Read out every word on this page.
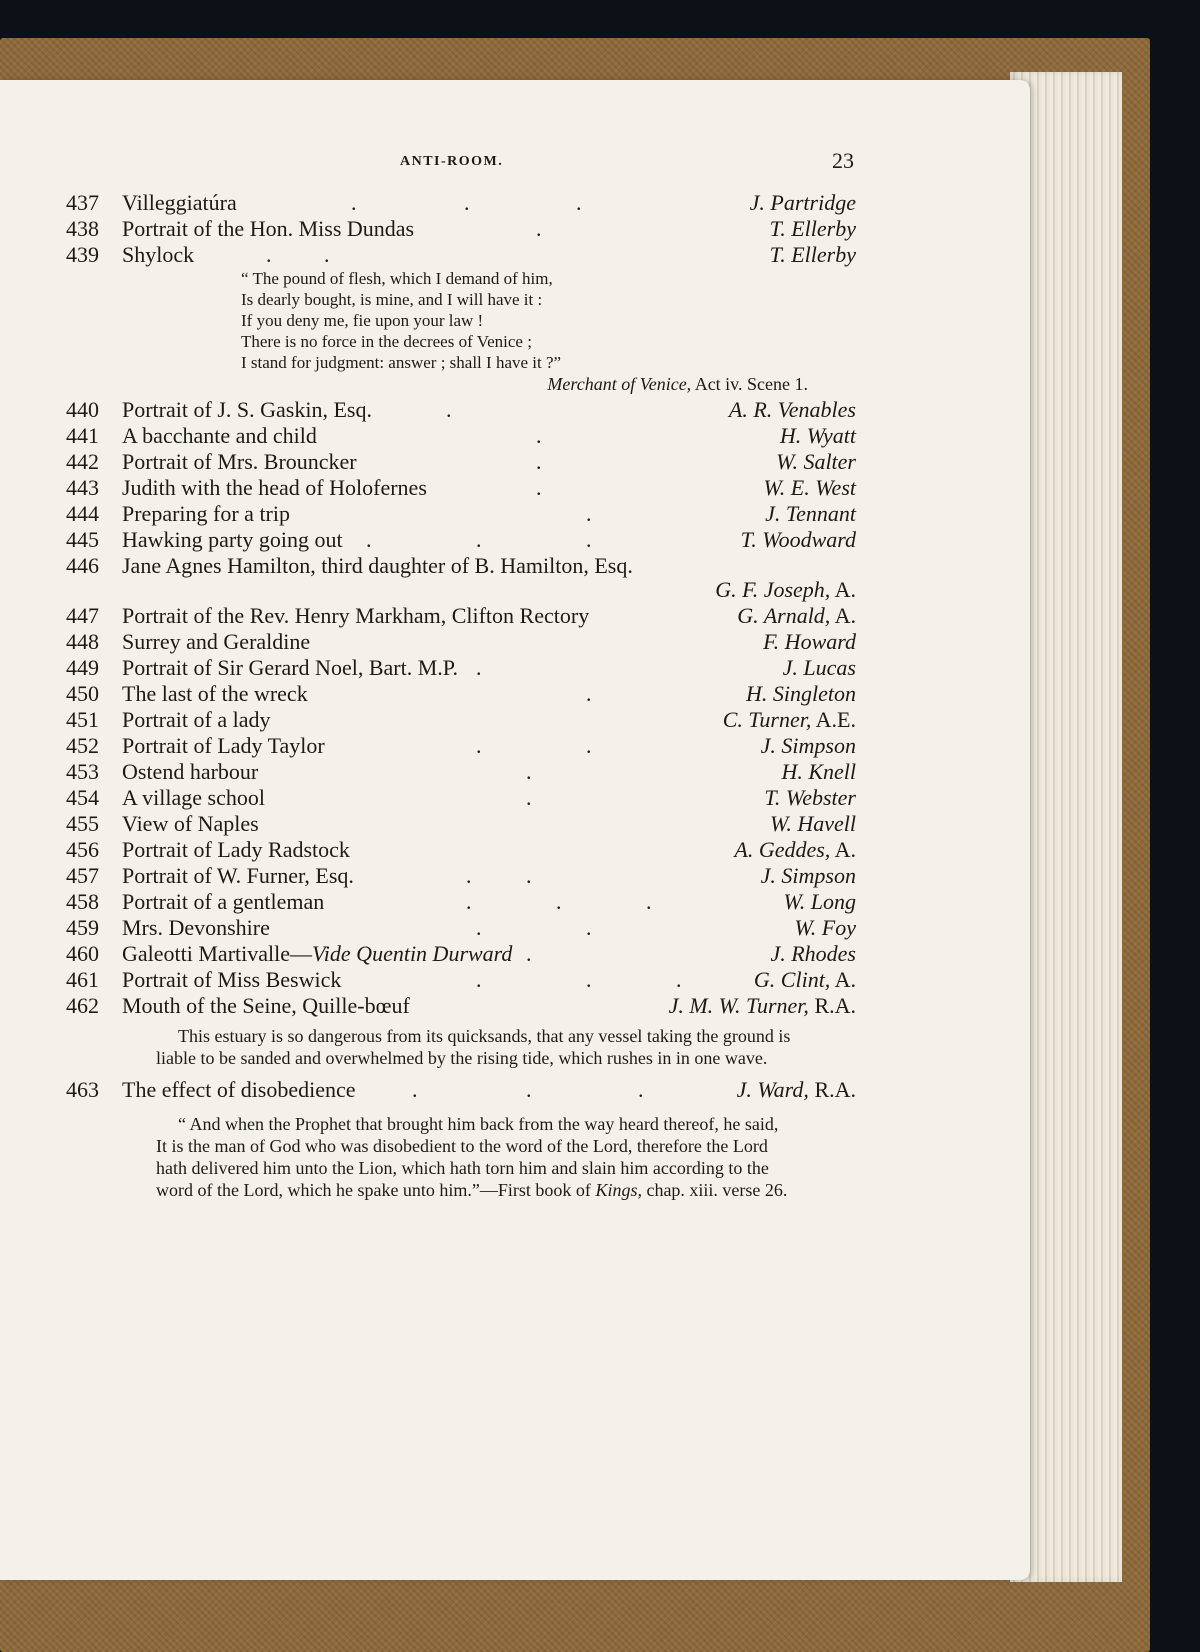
ANTI-ROOM.	23
437 Villeggiatúra	.	.	.	J. Partridge
438 Portrait of the Hon. Miss Dundas	.	T. Ellerby
439 Shylock	. .	T. Ellerby
“ The pound of flesh, which I demand of him,
Is dearly bought, is mine, and I will have it :
If you deny me, fie upon your law !
There is no force in the decrees of Venice ;
I stand for judgment: answer ; shall I have it ?”
Merchant of Venice, Act iv. Scene 1.
440 Portrait of J. S. Gaskin, Esq.	.	A. R. Venables
441 A bacchante and child	.	H. Wyatt
442 Portrait of Mrs. Brouncker	.	W. Salter
443 Judith with the head of Holofernes	.	W. E. West
444 Preparing for a trip	.	J. Tennant
445 Hawking party going out .	.	.	T. Woodward
446 Jane Agnes Hamilton, third daughter of B. Hamilton, Esq.
G. F. Joseph, A.
447 Portrait of the Rev. Henry Markham, Clifton Rectory	G. Arnald, A.
448 Surrey and Geraldine	F. Howard
449 Portrait of Sir Gerard Noel, Bart. M.P. .	J. Lucas
450 The last of the wreck	.	H. Singleton
451 Portrait of a lady	C. Turner, A.E.
452 Portrait of Lady Taylor	.	.	J. Simpson
453 Ostend harbour	.	H. Knell
454 A village school	.	T. Webster
455 View of Naples	W. Havell
456 Portrait of Lady Radstock	A. Geddes, A.
457 Portrait of W. Furner, Esq.	. .	J. Simpson
458 Portrait of a gentleman	.	.	.	W. Long
459 Mrs. Devonshire	.	.	W. Foy
460 Galeotti Martivalle—Vide Quentin Durward .	J. Rhodes
461 Portrait of Miss Beswick	.	.	.	G. Clint, A.
462 Mouth of the Seine, Quille-bœuf	J. M. W. Turner, R.A.

This estuary is so dangerous from its quicksands, that any vessel taking the ground is liable to be sanded and overwhelmed by the rising tide, which rushes in in one wave.

463 The effect of disobedience	.	.	.	J. Ward, R.A.

“ And when the Prophet that brought him back from the way heard thereof, he said, It is the man of God who was disobedient to the word of the Lord, therefore the Lord hath delivered him unto the Lion, which hath torn him and slain him according to the word of the Lord, which he spake unto him.”—First book of Kings, chap. xiii. verse 26.
